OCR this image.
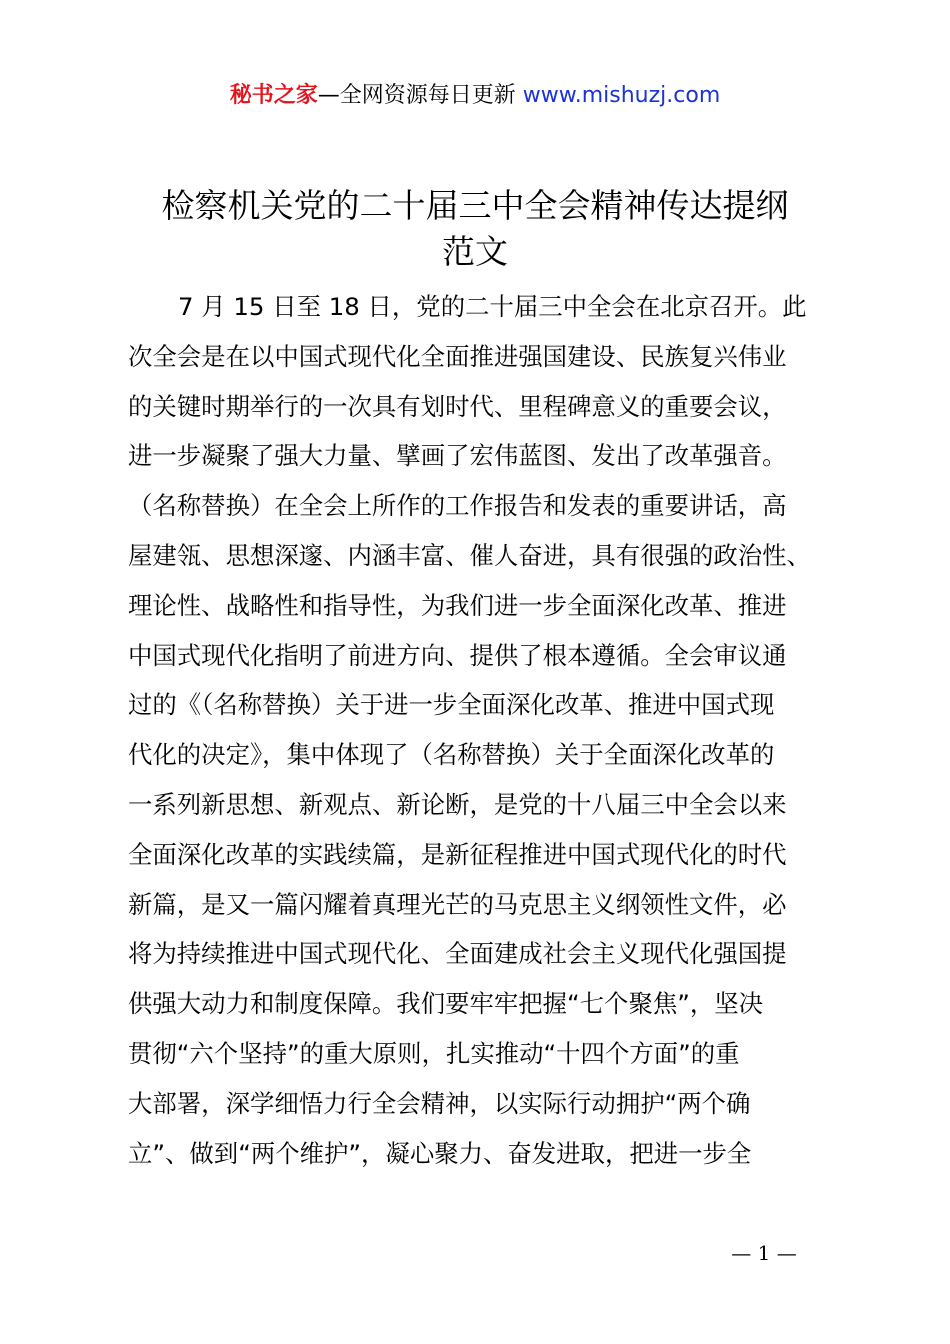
秘书之家—全网资源每日更新 www.mishuzj.com
检察机关党的二十届三中全会精神传达提纲
范文
7 月 15 日至 18 日，党的二十届三中全会在北京召开。此
次全会是在以中国式现代化全面推进强国建设、民族复兴伟业
的关键时期举行的一次具有划时代、里程碑意义的重要会议，
进一步凝聚了强大力量、擘画了宏伟蓝图、发出了改革强音。
（名称替换）在全会上所作的工作报告和发表的重要讲话，高
屋建瓴、思想深邃、内涵丰富、催人奋进，具有很强的政治性、
理论性、战略性和指导性，为我们进一步全面深化改革、推进
中国式现代化指明了前进方向、提供了根本遵循。全会审议通
过的《（名称替换）关于进一步全面深化改革、推进中国式现
代化的决定》，集中体现了（名称替换）关于全面深化改革的
一系列新思想、新观点、新论断，是党的十八届三中全会以来
全面深化改革的实践续篇，是新征程推进中国式现代化的时代
新篇，是又一篇闪耀着真理光芒的马克思主义纲领性文件，必
将为持续推进中国式现代化、全面建成社会主义现代化强国提
供强大动力和制度保障。我们要牢牢把握“七个聚焦”，坚决
贯彻“六个坚持”的重大原则，扎实推动“十四个方面”的重
大部署，深学细悟力行全会精神，以实际行动拥护“两个确
立”、做到“两个维护”，凝心聚力、奋发进取，把进一步全
— 1 —
